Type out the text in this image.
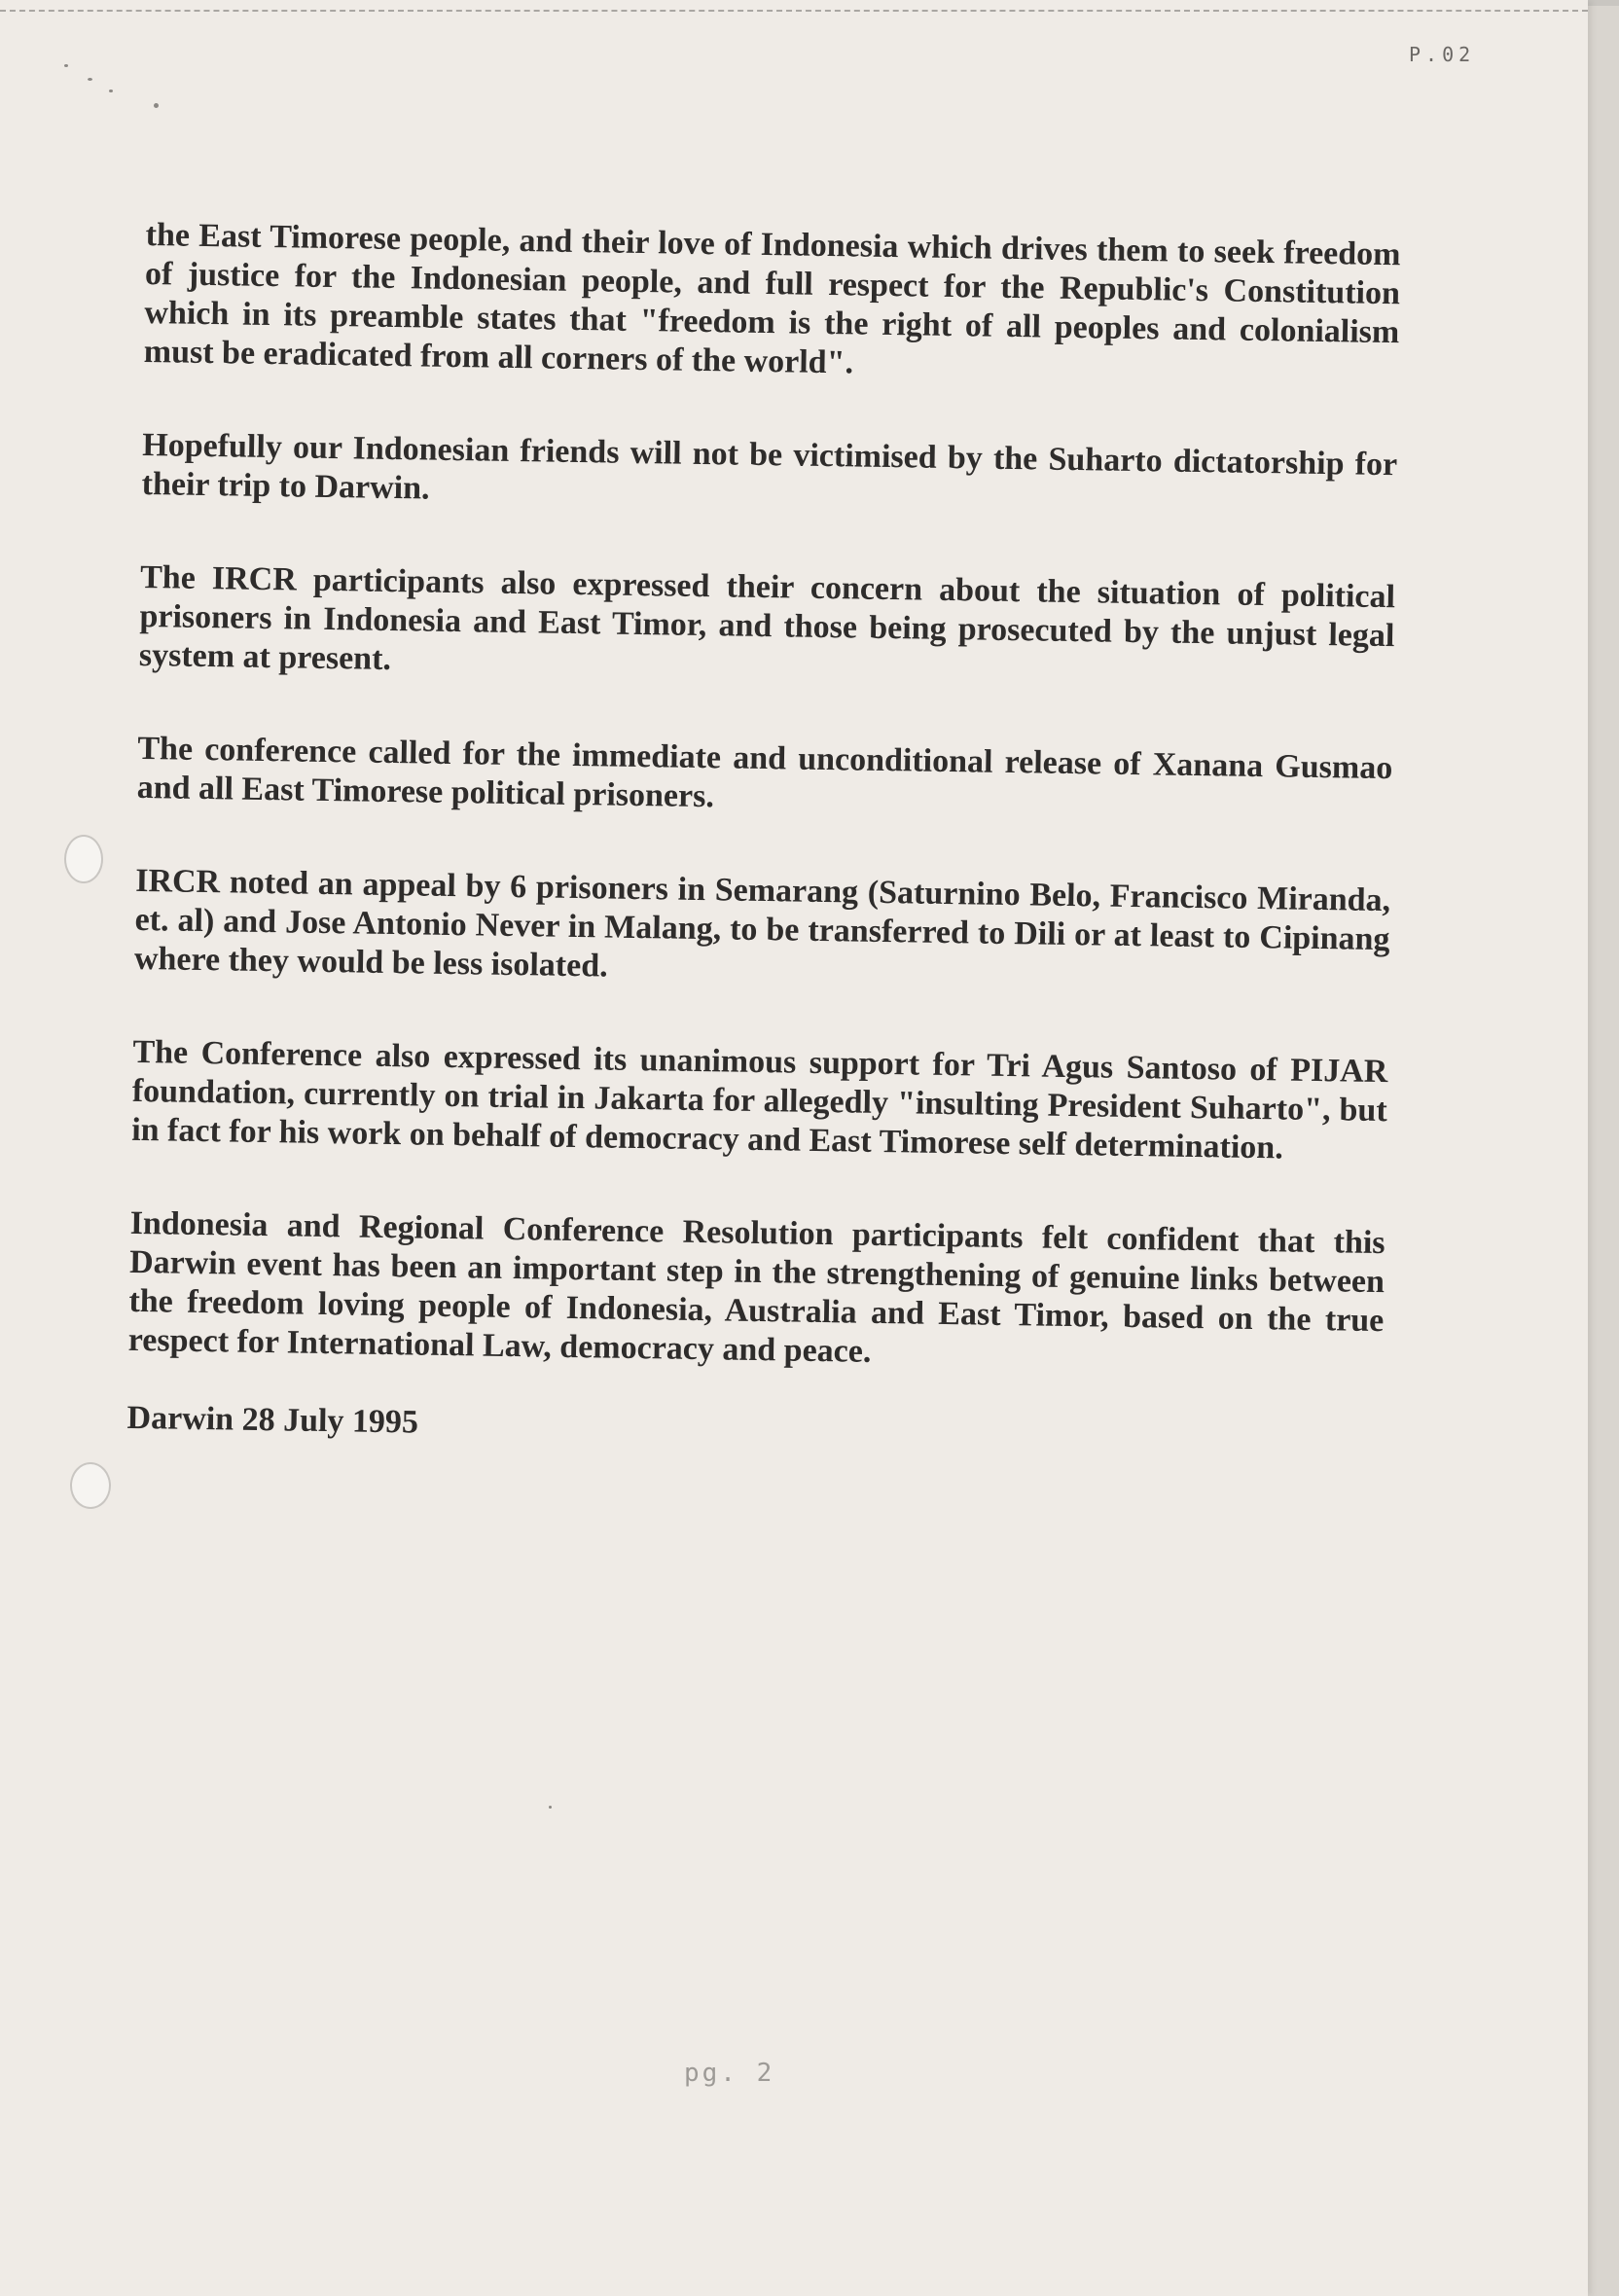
P.02

the East Timorese people, and their love of Indonesia which drives them to seek freedom of justice for the Indonesian people, and full respect for the Republic's Constitution which in its preamble states that "freedom is the right of all peoples and colonialism must be eradicated from all corners of the world".

Hopefully our Indonesian friends will not be victimised by the Suharto dictatorship for their trip to Darwin.

The IRCR participants also expressed their concern about the situation of political prisoners in Indonesia and East Timor, and those being prosecuted by the unjust legal system at present.

The conference called for the immediate and unconditional release of Xanana Gusmao and all East Timorese political prisoners.

IRCR noted an appeal by 6 prisoners in Semarang (Saturnino Belo, Francisco Miranda, et. al) and Jose Antonio Never in Malang, to be transferred to Dili or at least to Cipinang where they would be less isolated.

The Conference also expressed its unanimous support for Tri Agus Santoso of PIJAR foundation, currently on trial in Jakarta for allegedly "insulting President Suharto", but in fact for his work on behalf of democracy and East Timorese self determination.

Indonesia and Regional Conference Resolution participants felt confident that this Darwin event has been an important step in the strengthening of genuine links between the freedom loving people of Indonesia, Australia and East Timor, based on the true respect for International Law, democracy and peace.

Darwin 28 July 1995

pg. 2
